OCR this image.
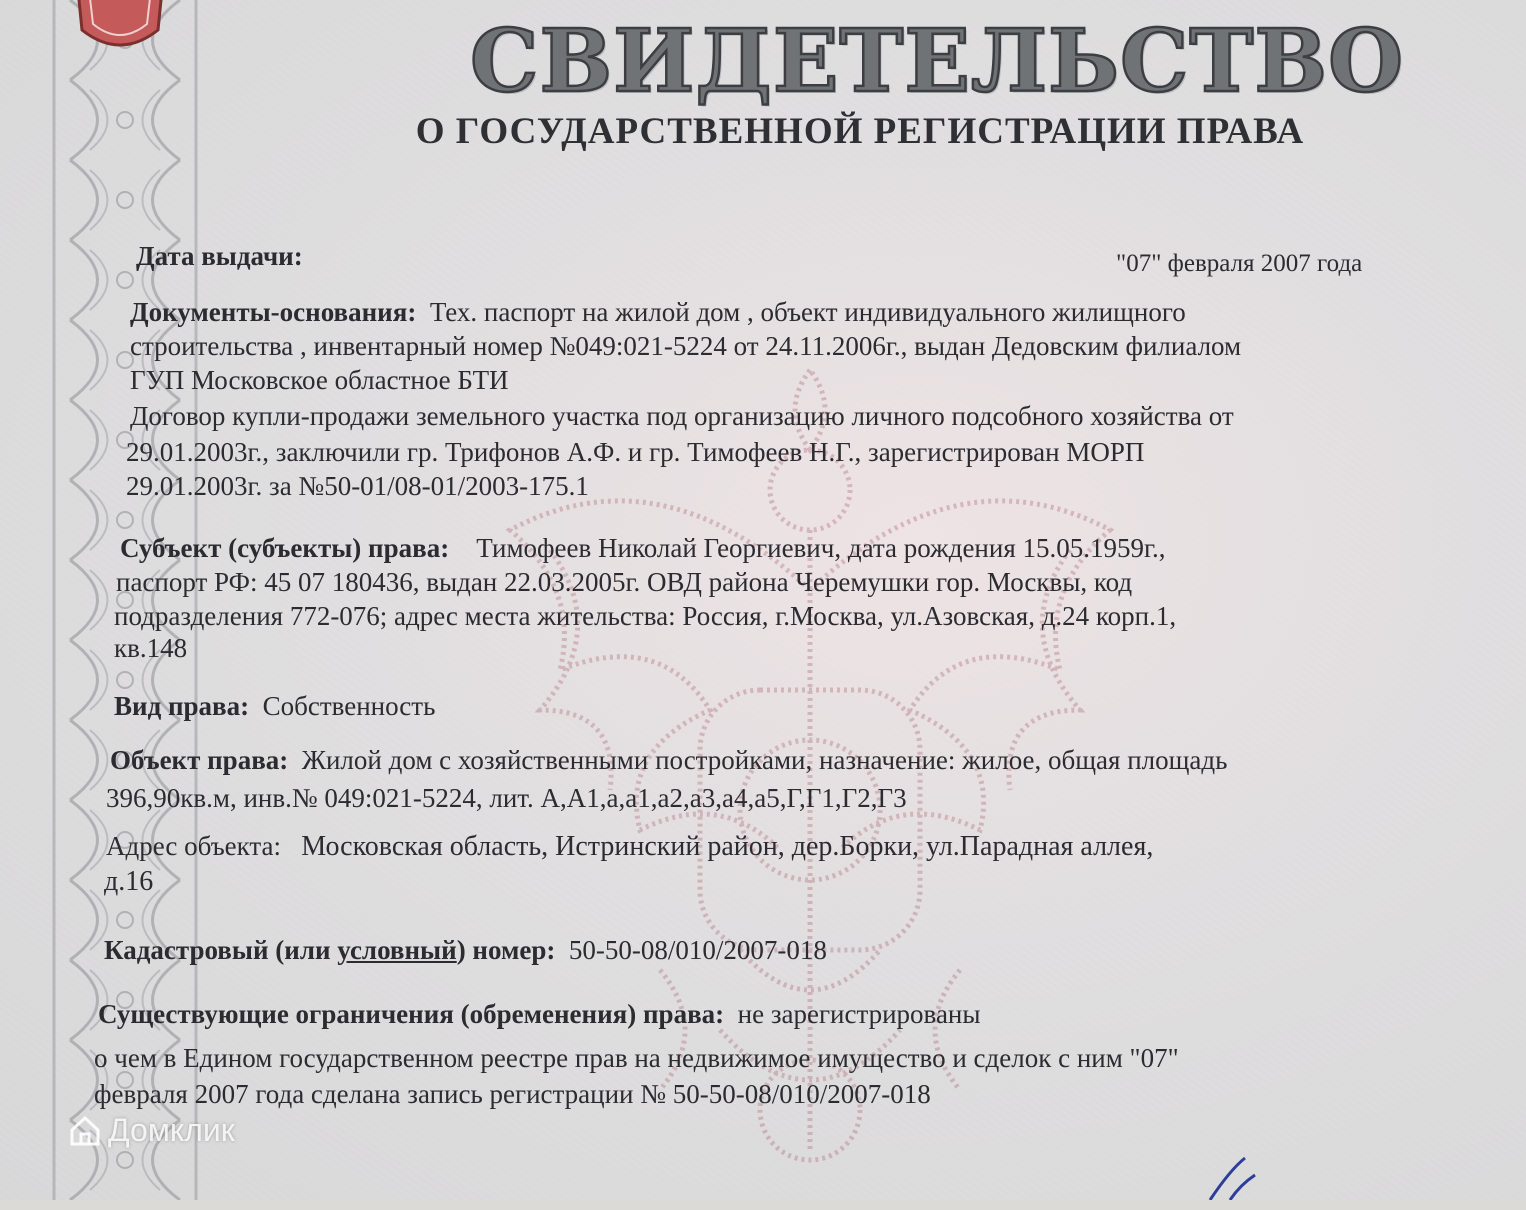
СВИДЕТЕЛЬСТВО
О ГОСУДАРСТВЕННОЙ РЕГИСТРАЦИИ ПРАВА
Дата выдачи:	"07" февраля 2007 года
Документы-основания: Тех. паспорт на жилой дом , объект индивидуального жилищного
строительства , инвентарный номер №049:021-5224 от 24.11.2006г., выдан Дедовским филиалом
ГУП Московское областное БТИ
Договор купли-продажи земельного участка под организацию личного подсобного хозяйства от
29.01.2003г., заключили гр. Трифонов А.Ф. и гр. Тимофеев Н.Г., зарегистрирован МОРП
29.01.2003г. за №50-01/08-01/2003-175.1
Субъект (субъекты) права: Тимофеев Николай Георгиевич, дата рождения 15.05.1959г.,
паспорт РФ: 45 07 180436, выдан 22.03.2005г. ОВД района Черемушки гор. Москвы, код
подразделения 772-076; адрес места жительства: Россия, г.Москва, ул.Азовская, д.24 корп.1,
кв.148
Вид права: Собственность
Объект права: Жилой дом с хозяйственными постройками, назначение: жилое, общая площадь
396,90кв.м, инв.№ 049:021-5224, лит. А,А1,а,а1,а2,а3,а4,а5,Г,Г1,Г2,Г3
Адрес объекта: Московская область, Истринский район, дер.Борки, ул.Парадная аллея,
д.16
Кадастровый (или условный) номер: 50-50-08/010/2007-018
Существующие ограничения (обременения) права: не зарегистрированы
о чем в Едином государственном реестре прав на недвижимое имущество и сделок с ним "07"
февраля 2007 года сделана запись регистрации № 50-50-08/010/2007-018
Домклик
